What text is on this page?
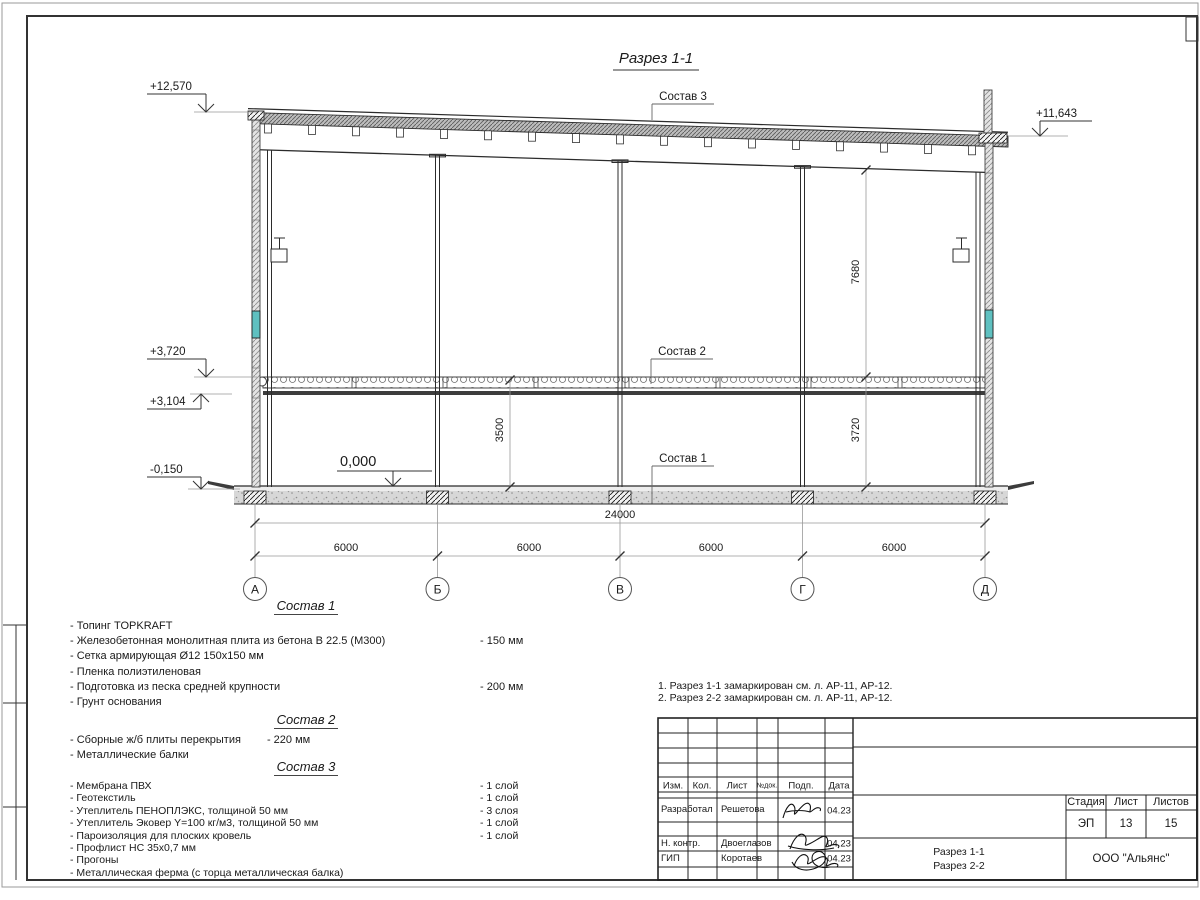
Разрез 1-1
+12,570
+11,643
+3,720
+3,104
-0,150	0,000
Состав 3
Состав 2
Состав 1
7680
3720
3500
24000
6000	6000	6000	6000
А	Б	В	Г	Д
Состав 1
- Топинг TOPKRAFT
- Железобетонная монолитная плита из бетона В 22.5 (М300)	- 150 мм
- Сетка армирующая Ø12 150х150 мм
- Пленка полиэтиленовая
- Подготовка из песка средней крупности	- 200 мм
- Грунт основания
Состав 2
- Сборные ж/б плиты перекрытия - 220 мм
- Металлические балки
Состав 3
- Мембрана ПВХ	- 1 слой
- Геотекстиль	- 1 слой
- Утеплитель ПЕНОПЛЭКС, толщиной 50 мм	- 3 слоя
- Утеплитель Эковер Y=100 кг/м3, толщиной 50 мм	- 1 слой
- Пароизоляция для плоских кровель	- 1 слой
- Профлист НС 35х0,7 мм
- Прогоны
- Металлическая ферма (с торца металлическая балка)
1. Разрез 1-1 замаркирован см. л. АР-11, АР-12.
2. Разрез 2-2 замаркирован см. л. АР-11, АР-12.
Изм. Кол. Лист №док. Подп. Дата
Разработал Решетова	04.23
Н. контр. Двоеглазов	04.23
ГИП	Коротаев	04.23
Стадия Лист Листов
ЭП 13	15
Разрез 1-1
Разрез 2-2
ООО "Альянс"
